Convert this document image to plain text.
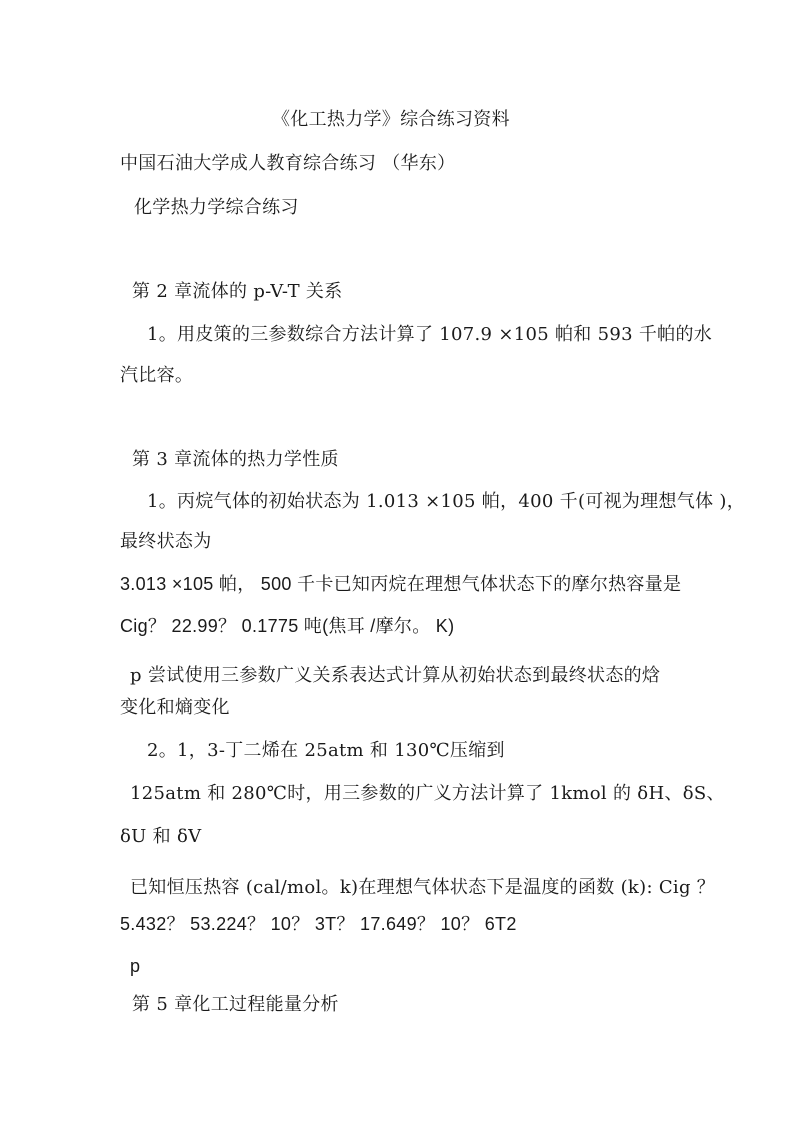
《化工热力学》综合练习资料
中国石油大学成人教育综合练习 （华东）
化学热力学综合练习
第 2 章流体的 p-V-T 关系
1。用皮策的三参数综合方法计算了 107.9 ×105 帕和 593 千帕的水
汽比容。
第 3 章流体的热力学性质
1。丙烷气体的初始状态为 1.013 ×105 帕，400 千(可视为理想气体 )，
最终状态为
3.013 ×105 帕， 500 千卡已知丙烷在理想气体状态下的摩尔热容量是
Cig？ 22.99？ 0.1775 吨(焦耳 /摩尔。 K)
p 尝试使用三参数广义关系表达式计算从初始状态到最终状态的焓
变化和熵变化
2。1，3-丁二烯在 25atm 和 130℃压缩到
125atm 和 280℃时，用三参数的广义方法计算了 1kmol 的 δH、δS、
δU 和 δV
已知恒压热容 (cal/mol。k)在理想气体状态下是温度的函数 (k): Cig ？
5.432？ 53.224？ 10？ 3T？ 17.649？ 10？ 6T2
p
第 5 章化工过程能量分析
